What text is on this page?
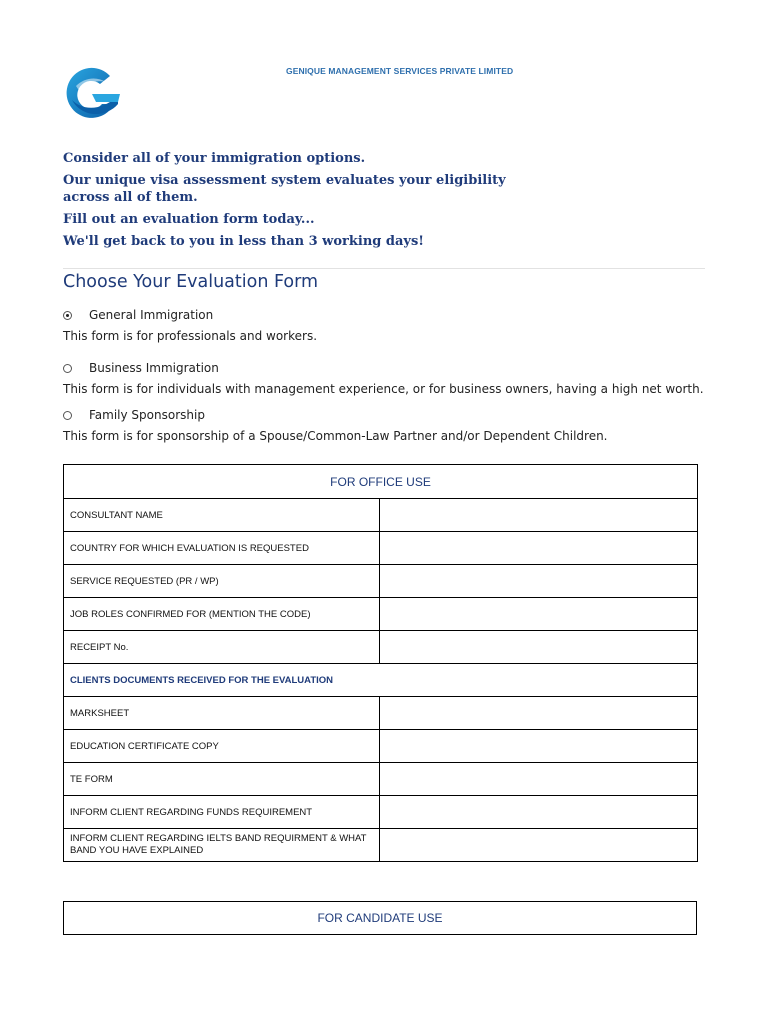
GENIQUE MANAGEMENT SERVICES PRIVATE LIMITED

Consider all of your immigration options.

Our unique visa assessment system evaluates your eligibility across all of them.

Fill out an evaluation form today...

We'll get back to you in less than 3 working days!

Choose Your Evaluation Form
General Immigration
This form is for professionals and workers.
Business Immigration
This form is for individuals with management experience, or for business owners, having a high net worth.
Family Sponsorship
This form is for sponsorship of a Spouse/Common-Law Partner and/or Dependent Children.
FOR OFFICE USE	
CONSULTANT NAME	
COUNTRY FOR WHICH EVALUATION IS REQUESTED	
SERVICE REQUESTED (PR / WP)	
JOB ROLES CONFIRMED FOR (MENTION THE CODE)	
RECEIPT No.	
CLIENTS DOCUMENTS RECEIVED FOR THE EVALUATION	
MARKSHEET	
EDUCATION CERTIFICATE COPY	
TE FORM	
INFORM CLIENT REGARDING FUNDS REQUIREMENT	
INFORM CLIENT REGARDING IELTS BAND REQUIRMENT & WHAT BAND YOU HAVE EXPLAINED	
FOR CANDIDATE USE
